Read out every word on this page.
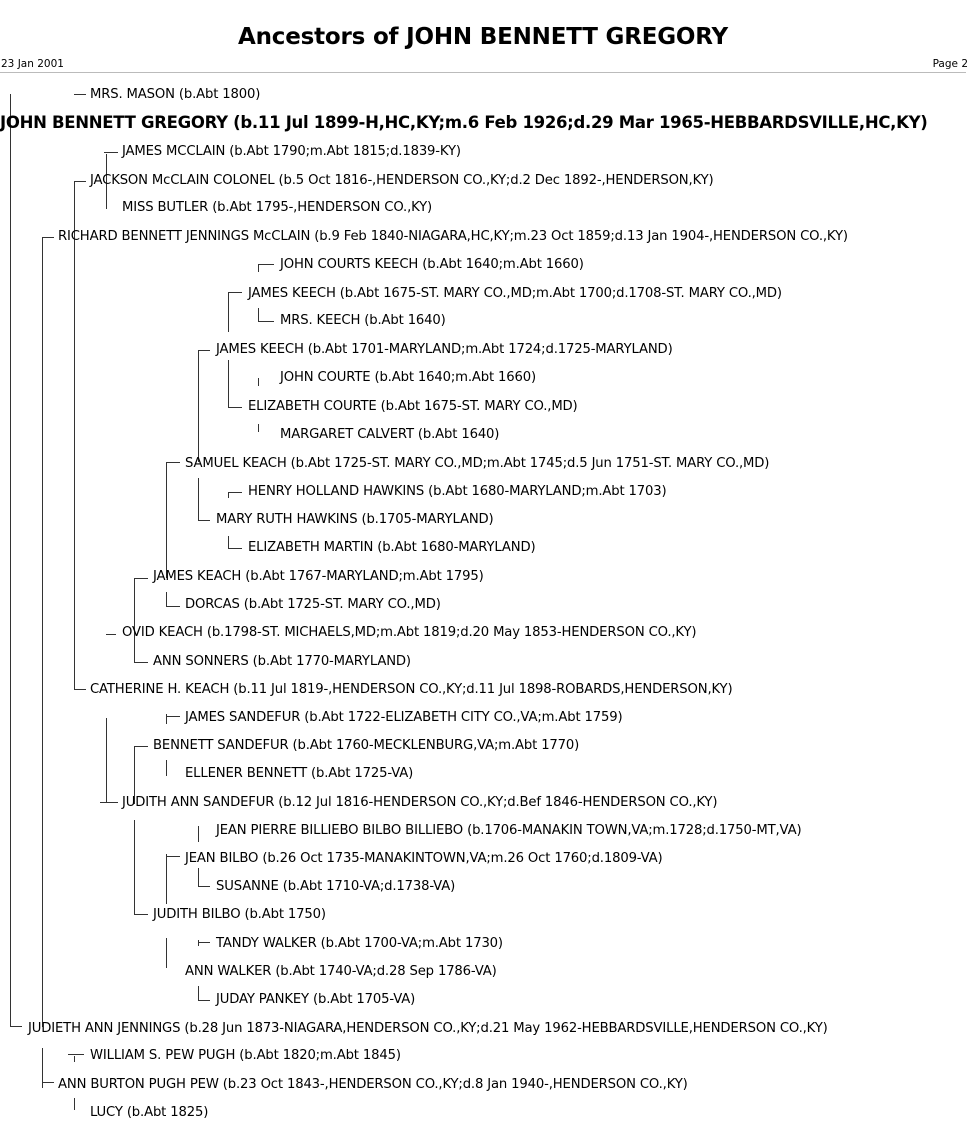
Ancestors of JOHN BENNETT GREGORY
23 Jan 2001	Page 2
MRS. MASON (b.Abt 1800)
JOHN BENNETT GREGORY (b.11 Jul 1899-H,HC,KY;m.6 Feb 1926;d.29 Mar 1965-HEBBARDSVILLE,HC,KY)
JAMES MCCLAIN (b.Abt 1790;m.Abt 1815;d.1839-KY)
JACKSON McCLAIN COLONEL (b.5 Oct 1816-,HENDERSON CO.,KY;d.2 Dec 1892-,HENDERSON,KY)
MISS BUTLER (b.Abt 1795-,HENDERSON CO.,KY)
RICHARD BENNETT JENNINGS McCLAIN (b.9 Feb 1840-NIAGARA,HC,KY;m.23 Oct 1859;d.13 Jan 1904-,HENDERSON CO.,KY)
JOHN COURTS KEECH (b.Abt 1640;m.Abt 1660)
JAMES KEECH (b.Abt 1675-ST. MARY CO.,MD;m.Abt 1700;d.1708-ST. MARY CO.,MD)
MRS. KEECH (b.Abt 1640)
JAMES KEECH (b.Abt 1701-MARYLAND;m.Abt 1724;d.1725-MARYLAND)
JOHN COURTE (b.Abt 1640;m.Abt 1660)
ELIZABETH COURTE (b.Abt 1675-ST. MARY CO.,MD)
MARGARET CALVERT (b.Abt 1640)
SAMUEL KEACH (b.Abt 1725-ST. MARY CO.,MD;m.Abt 1745;d.5 Jun 1751-ST. MARY CO.,MD)
HENRY HOLLAND HAWKINS (b.Abt 1680-MARYLAND;m.Abt 1703)
MARY RUTH HAWKINS (b.1705-MARYLAND)
ELIZABETH MARTIN (b.Abt 1680-MARYLAND)
JAMES KEACH (b.Abt 1767-MARYLAND;m.Abt 1795)
DORCAS (b.Abt 1725-ST. MARY CO.,MD)
OVID KEACH (b.1798-ST. MICHAELS,MD;m.Abt 1819;d.20 May 1853-HENDERSON CO.,KY)
ANN SONNERS (b.Abt 1770-MARYLAND)
CATHERINE H. KEACH (b.11 Jul 1819-,HENDERSON CO.,KY;d.11 Jul 1898-ROBARDS,HENDERSON,KY)
JAMES SANDEFUR (b.Abt 1722-ELIZABETH CITY CO.,VA;m.Abt 1759)
BENNETT SANDEFUR (b.Abt 1760-MECKLENBURG,VA;m.Abt 1770)
ELLENER BENNETT (b.Abt 1725-VA)
JUDITH ANN SANDEFUR (b.12 Jul 1816-HENDERSON CO.,KY;d.Bef 1846-HENDERSON CO.,KY)
JEAN PIERRE BILLIEBO BILBO BILLIEBO (b.1706-MANAKIN TOWN,VA;m.1728;d.1750-MT,VA)
JEAN BILBO (b.26 Oct 1735-MANAKINTOWN,VA;m.26 Oct 1760;d.1809-VA)
SUSANNE (b.Abt 1710-VA;d.1738-VA)
JUDITH BILBO (b.Abt 1750)
TANDY WALKER (b.Abt 1700-VA;m.Abt 1730)
ANN WALKER (b.Abt 1740-VA;d.28 Sep 1786-VA)
JUDAY PANKEY (b.Abt 1705-VA)
JUDIETH ANN JENNINGS (b.28 Jun 1873-NIAGARA,HENDERSON CO.,KY;d.21 May 1962-HEBBARDSVILLE,HENDERSON CO.,KY)
WILLIAM S. PEW PUGH (b.Abt 1820;m.Abt 1845)
ANN BURTON PUGH PEW (b.23 Oct 1843-,HENDERSON CO.,KY;d.8 Jan 1940-,HENDERSON CO.,KY)
LUCY (b.Abt 1825)
